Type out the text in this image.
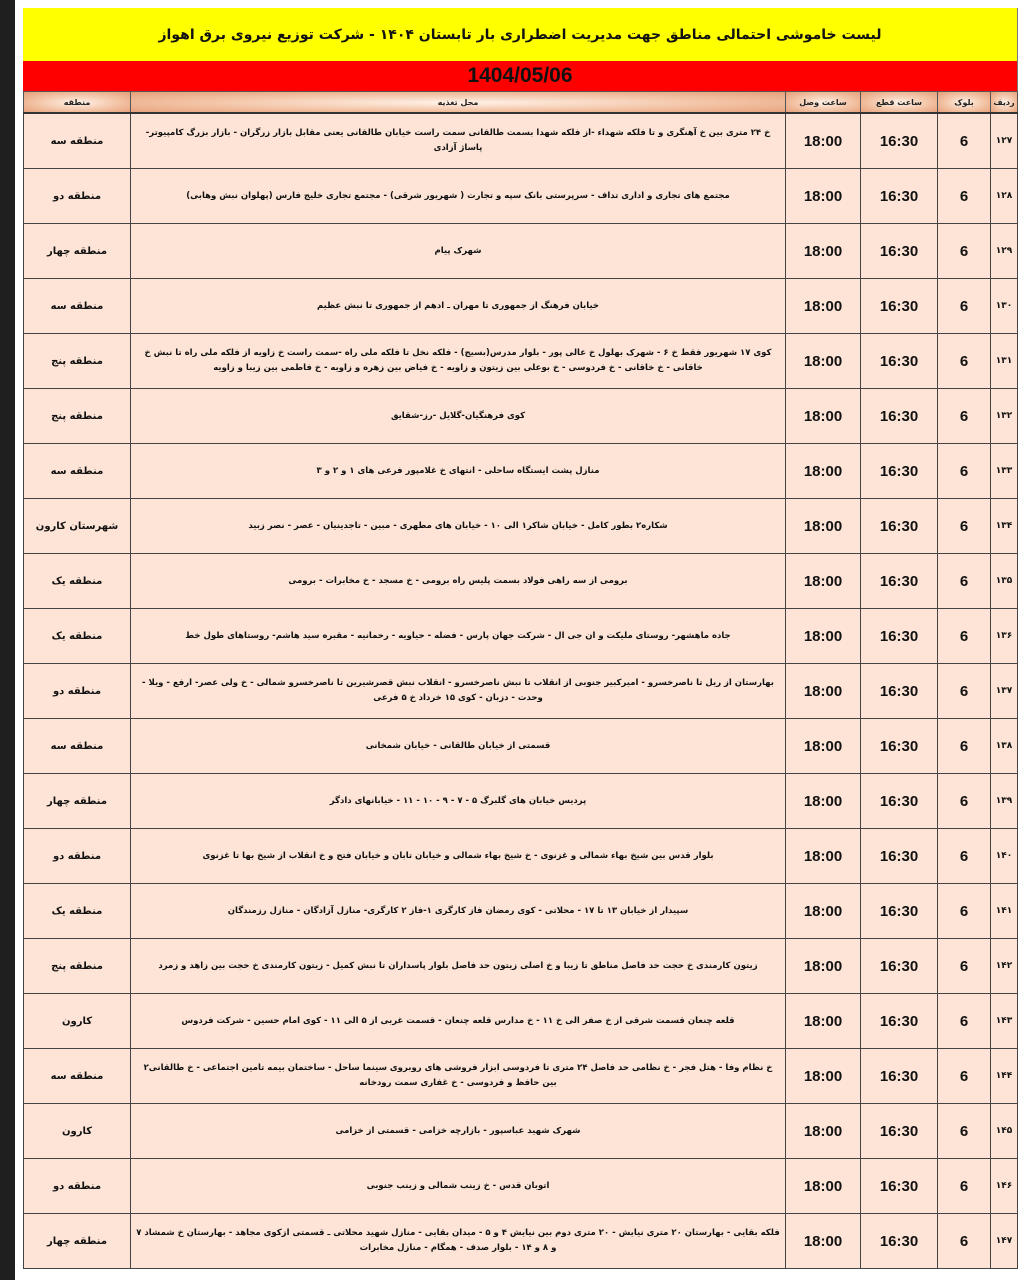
لیست خاموشی احتمالی مناطق جهت مدیریت اضطراری بار تابستان ۱۴۰۴ - شرکت توزیع نیروی برق اهواز
1404/05/06
ردیف	بلوک	ساعت قطع	ساعت وصل	محل تغذیه	منطقه
۱۲۷	6	16:30	18:00	خ ۲۴ متری بین خ آهنگری و تا فلکه شهداء -از فلکه شهدا بسمت طالقانی سمت راست خیابان طالقانی یعنی مقابل بازار زرگران - بازار بزرگ کامپیوتر- پاساژ آزادی	منطقه سه
۱۲۸	6	16:30	18:00	مجتمع های تجاری و اداری تداف - سرپرستی بانک سپه و تجارت ( شهریور شرقی) - مجتمع تجاری خلیج فارس (پهلوان نبش وهابی)	منطقه دو
۱۲۹	6	16:30	18:00	شهرک پیام	منطقه چهار
۱۳۰	6	16:30	18:00	خیابان فرهنگ از جمهوری تا مهران ـ ادهم از جمهوری تا نبش عظیم	منطقه سه
۱۳۱	6	16:30	18:00	کوی ۱۷ شهریور فقط خ ۶ - شهرک بهلول خ عالی پور - بلوار مدرس(بسیج) - فلکه نخل تا فلکه ملی راه -سمت راست خ زاویه از فلکه ملی راه تا نبش خ خاقانی - خ خاقانی - خ فردوسی - خ بوعلی بین زیتون و زاویه - خ فیاض بین زهره و زاویه - خ فاطمی بین زیبا و زاویه	منطقه پنج
۱۳۲	6	16:30	18:00	کوی فرهنگیان-گلایل -رز-شقایق	منطقه پنج
۱۳۳	6	16:30	18:00	منازل پشت ایستگاه ساحلی - انتهای خ غلامپور فرعی های ۱ و ۲ و ۳	منطقه سه
۱۳۴	6	16:30	18:00	شکاره۲ بطور کامل - خیابان شاکر۱ الی ۱۰ - خیابان های مطهری - مبین - تاجدینیان - عصر - نصر زبید	شهرستان کارون
۱۳۵	6	16:30	18:00	برومی از سه راهی فولاد بسمت پلیس راه برومی - خ مسجد - خ مخابرات - برومی	منطقه یک
۱۳۶	6	16:30	18:00	جاده ماهشهر- روستای ملیکت و ان جی ال - شرکت جهان پارس - فضله - حیاویه - رحمانیه - مقبره سید هاشم- روستاهای طول خط	منطقه یک
۱۳۷	6	16:30	18:00	بهارستان از ریل تا ناصرخسرو - امیرکبیر جنوبی از انقلاب تا نبش ناصرخسرو - انقلاب نبش قصرشیرین تا ناصرخسرو شمالی - خ ولی عصر- ارفع - ویلا - وحدت - دزبان - کوی ۱۵ خرداد خ ۵ فرعی	منطقه دو
۱۳۸	6	16:30	18:00	قسمتی از خیابان طالقانی - خیابان شمخانی	منطقه سه
۱۳۹	6	16:30	18:00	پردیس خیابان های گلبرگ ۵ - ۷ - ۹ - ۱۰ - ۱۱ - خیابانهای دادگر	منطقه چهار
۱۴۰	6	16:30	18:00	بلوار قدس بین شیخ بهاء شمالی و غزنوی - خ شیخ بهاء شمالی و خیابان تابان و خیابان فتح و خ انقلاب از شیخ بها تا غزنوی	منطقه دو
۱۴۱	6	16:30	18:00	سپیدار از خیابان ۱۳ تا ۱۷ - محلاتی - کوی رمضان فاز کارگری ۱-فاز ۲ کارگری- منازل آزادگان - منازل رزمندگان	منطقه یک
۱۴۲	6	16:30	18:00	زیتون کارمندی خ حجت حد فاصل مناطق تا زیبا و خ اصلی زیتون حد فاصل بلوار پاسداران تا نبش کمیل - زیتون کارمندی خ حجت بین زاهد و زمرد	منطقه پنج
۱۴۳	6	16:30	18:00	قلعه چنعان قسمت شرقی از خ صفر الی خ ۱۱ - خ مدارس قلعه چنعان - قسمت غربی از ۵ الی ۱۱ - کوی امام حسین - شرکت فردوس	کارون
۱۴۴	6	16:30	18:00	خ نظام وفا - هتل فجر - خ نظامی حد فاصل ۲۴ متری تا فردوسی ابزار فروشی های روبروی سینما ساحل - ساختمان بیمه تامین اجتماعی - خ طالقانی۲ بین حافظ و فردوسی - خ غفاری سمت رودخانه	منطقه سه
۱۴۵	6	16:30	18:00	شهرک شهید عباسپور - بازارچه خزامی - قسمتی از خزامی	کارون
۱۴۶	6	16:30	18:00	اتوبان قدس - خ زینب شمالی و زینب جنوبی	منطقه دو
۱۴۷	6	16:30	18:00	فلکه بقایی - بهارستان ۲۰ متری نیایش - ۲۰ متری دوم بین نیایش ۴ و ۵ - میدان بقایی - منازل شهید محلاتی ـ قسمتی ازکوی مجاهد - بهارستان خ شمشاد ۷ و ۸ و ۱۴ - بلوار صدف - همگام - منازل مخابرات	منطقه چهار
